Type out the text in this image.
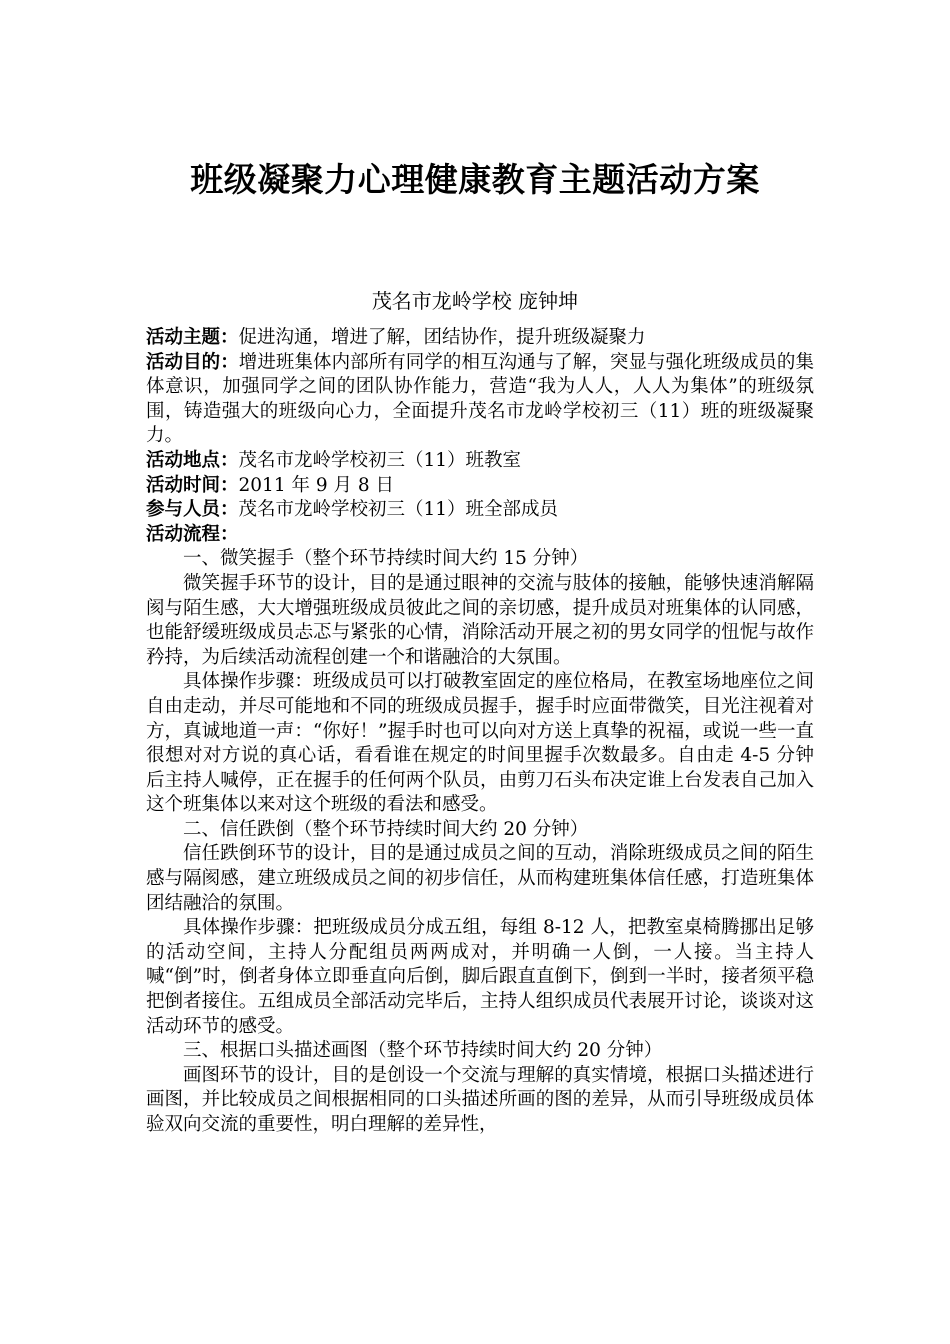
班级凝聚力心理健康教育主题活动方案
茂名市龙岭学校 庞钟坤

活动主题：促进沟通，增进了解，团结协作，提升班级凝聚力

活动目的：增进班集体内部所有同学的相互沟通与了解，突显与强化班级成员的集体意识，加强同学之间的团队协作能力，营造“我为人人，人人为集体”的班级氛围，铸造强大的班级向心力，全面提升茂名市龙岭学校初三（11）班的班级凝聚力。

活动地点：茂名市龙岭学校初三（11）班教室

活动时间：2011 年 9 月 8 日

参与人员：茂名市龙岭学校初三（11）班全部成员

活动流程：

一、微笑握手（整个环节持续时间大约 15 分钟）

微笑握手环节的设计，目的是通过眼神的交流与肢体的接触，能够快速消解隔阂与陌生感，大大增强班级成员彼此之间的亲切感，提升成员对班集体的认同感，也能舒缓班级成员忐忑与紧张的心情，消除活动开展之初的男女同学的忸怩与故作矜持，为后续活动流程创建一个和谐融洽的大氛围。

具体操作步骤：班级成员可以打破教室固定的座位格局，在教室场地座位之间自由走动，并尽可能地和不同的班级成员握手，握手时应面带微笑，目光注视着对方，真诚地道一声：“你好！”握手时也可以向对方送上真挚的祝福，或说一些一直很想对对方说的真心话，看看谁在规定的时间里握手次数最多。自由走 4-5 分钟后主持人喊停，正在握手的任何两个队员，由剪刀石头布决定谁上台发表自己加入这个班集体以来对这个班级的看法和感受。

二、信任跌倒（整个环节持续时间大约 20 分钟）

信任跌倒环节的设计，目的是通过成员之间的互动，消除班级成员之间的陌生感与隔阂感，建立班级成员之间的初步信任，从而构建班集体信任感，打造班集体团结融洽的氛围。

具体操作步骤：把班级成员分成五组，每组 8-12 人，把教室桌椅腾挪出足够的活动空间，主持人分配组员两两成对，并明确一人倒，一人接。当主持人喊“倒”时，倒者身体立即垂直向后倒，脚后跟直直倒下，倒到一半时，接者须平稳把倒者接住。五组成员全部活动完毕后，主持人组织成员代表展开讨论，谈谈对这活动环节的感受。

三、根据口头描述画图（整个环节持续时间大约 20 分钟）

画图环节的设计，目的是创设一个交流与理解的真实情境，根据口头描述进行画图，并比较成员之间根据相同的口头描述所画的图的差异，从而引导班级成员体验双向交流的重要性，明白理解的差异性，
